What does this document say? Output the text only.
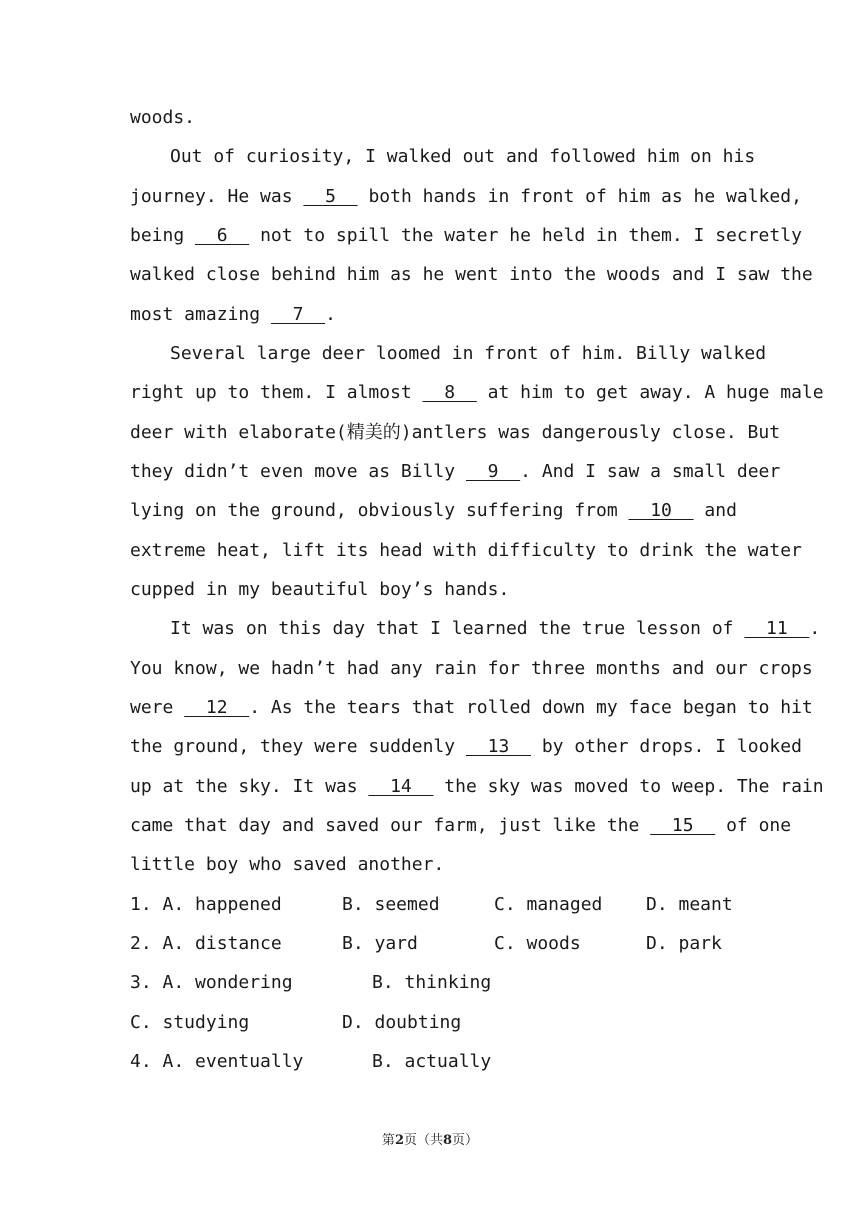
woods.
Out of curiosity, I walked out and followed him on his
journey. He was   5   both hands in front of him as he walked,
being   6   not to spill the water he held in them. I secretly
walked close behind him as he went into the woods and I saw the
most amazing   7  .
Several large deer loomed in front of him. Billy walked
right up to them. I almost   8   at him to get away. A huge male
deer with elaborate(精美的)antlers was dangerously close. But
they didn’t even move as Billy   9  . And I saw a small deer
lying on the ground, obviously suffering from   10   and
extreme heat, lift its head with difficulty to drink the water
cupped in my beautiful boy’s hands.
It was on this day that I learned the true lesson of   11  .
You know, we hadn’t had any rain for three months and our crops
were   12  . As the tears that rolled down my face began to hit
the ground, they were suddenly   13   by other drops. I looked
up at the sky. It was   14   the sky was moved to weep. The rain
came that day and saved our farm, just like the   15   of one
little boy who saved another.
1. A. happened	B. seemed	C. managed D. meant
2. A. distance	B. yard	C. woods	D. park
3. A. wondering	B. thinking
C. studying	D. doubting
4. A. eventually	B. actually
第2页（共8页）
